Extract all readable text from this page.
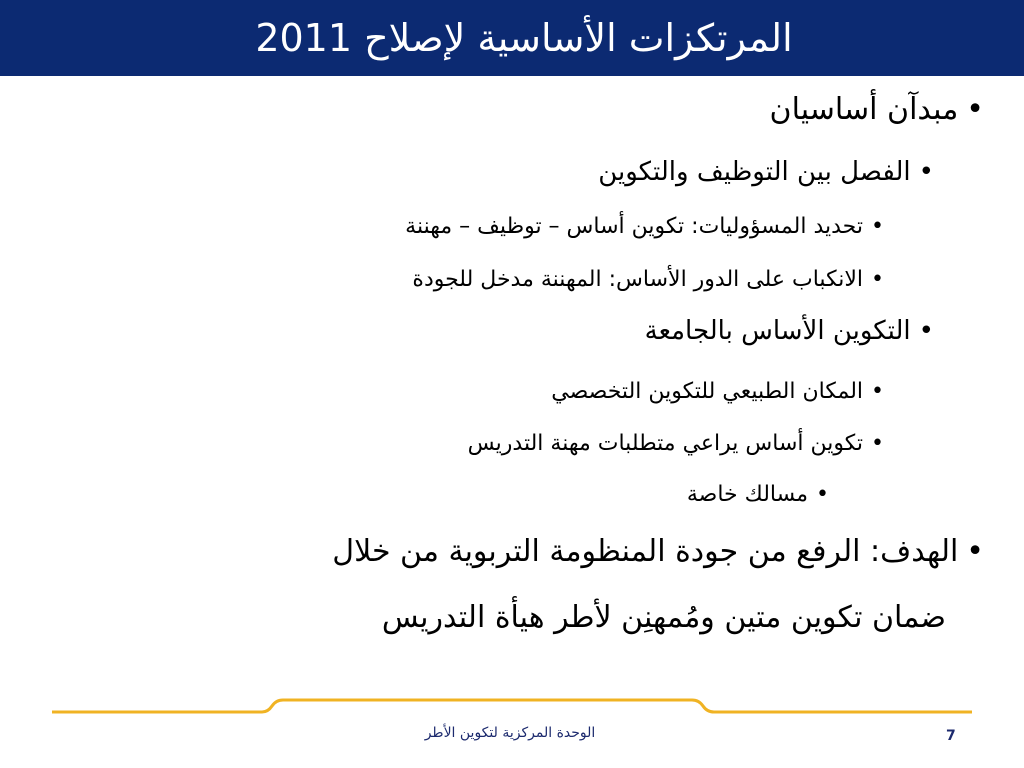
المرتكزات الأساسية لإصلاح 2011
•
مبدآن أساسيان
•
الفصل بين التوظيف والتكوين
•
تحديد المسؤوليات: تكوين أساس – توظيف – مهننة
•
الانكباب على الدور الأساس: المهننة مدخل للجودة
•
التكوين الأساس بالجامعة
•
المكان الطبيعي للتكوين التخصصي
•
تكوين أساس يراعي متطلبات مهنة التدريس
•
مسالك خاصة
•
الهدف: الرفع من جودة المنظومة التربوية من خلال
ضمان تكوين متين ومُمهنِن لأطر هيأة التدريس
الوحدة المركزية لتكوين الأطر	7
